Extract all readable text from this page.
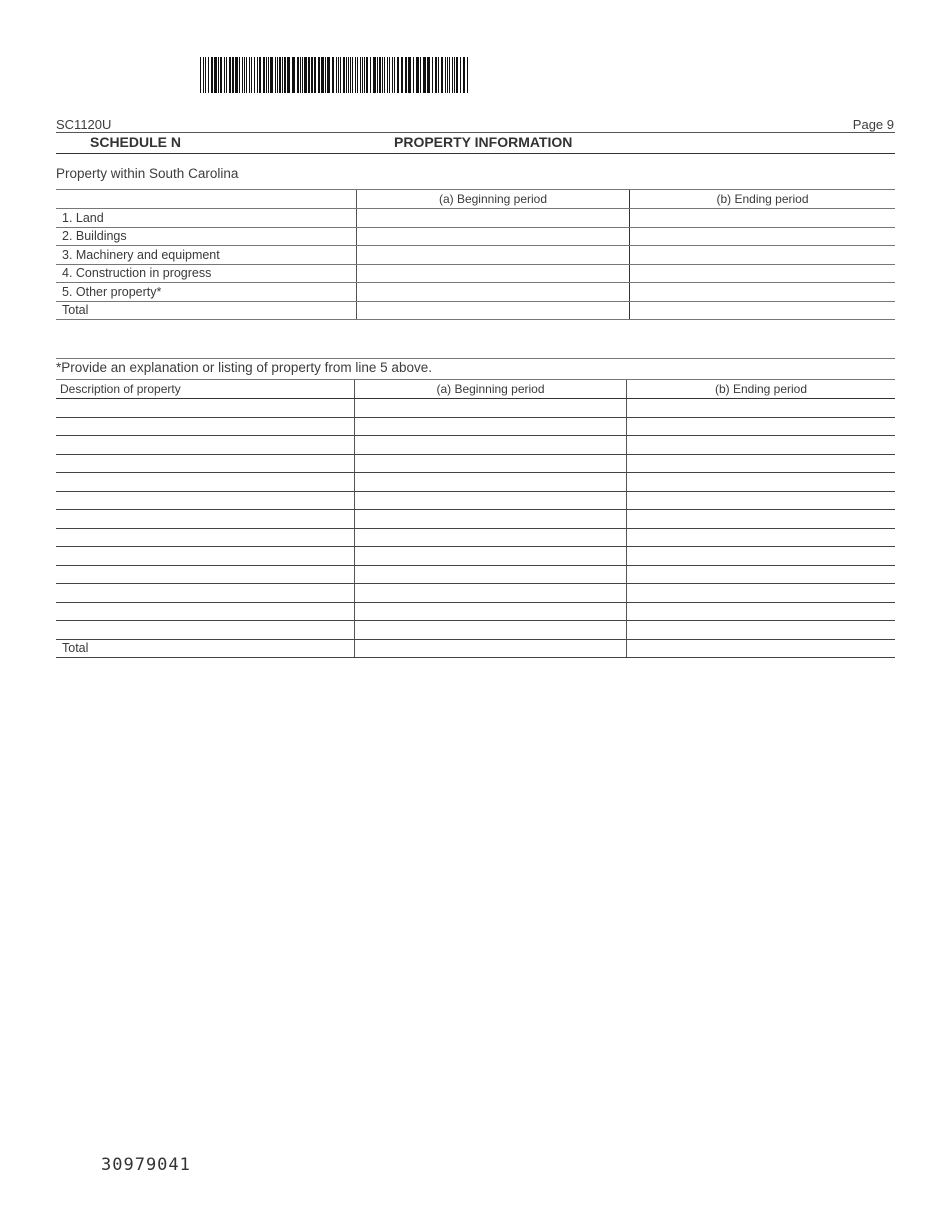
SC1120U	Page 9
SCHEDULE N	PROPERTY INFORMATION
Property within South Carolina
	(a) Beginning period	(b) Ending period
1. Land		
2. Buildings		
3. Machinery and equipment		
4. Construction in progress		
5. Other property*		
Total		
*Provide an explanation or listing of property from line 5 above.
Description of property	(a) Beginning period	(b) Ending period

Total		
30979041
